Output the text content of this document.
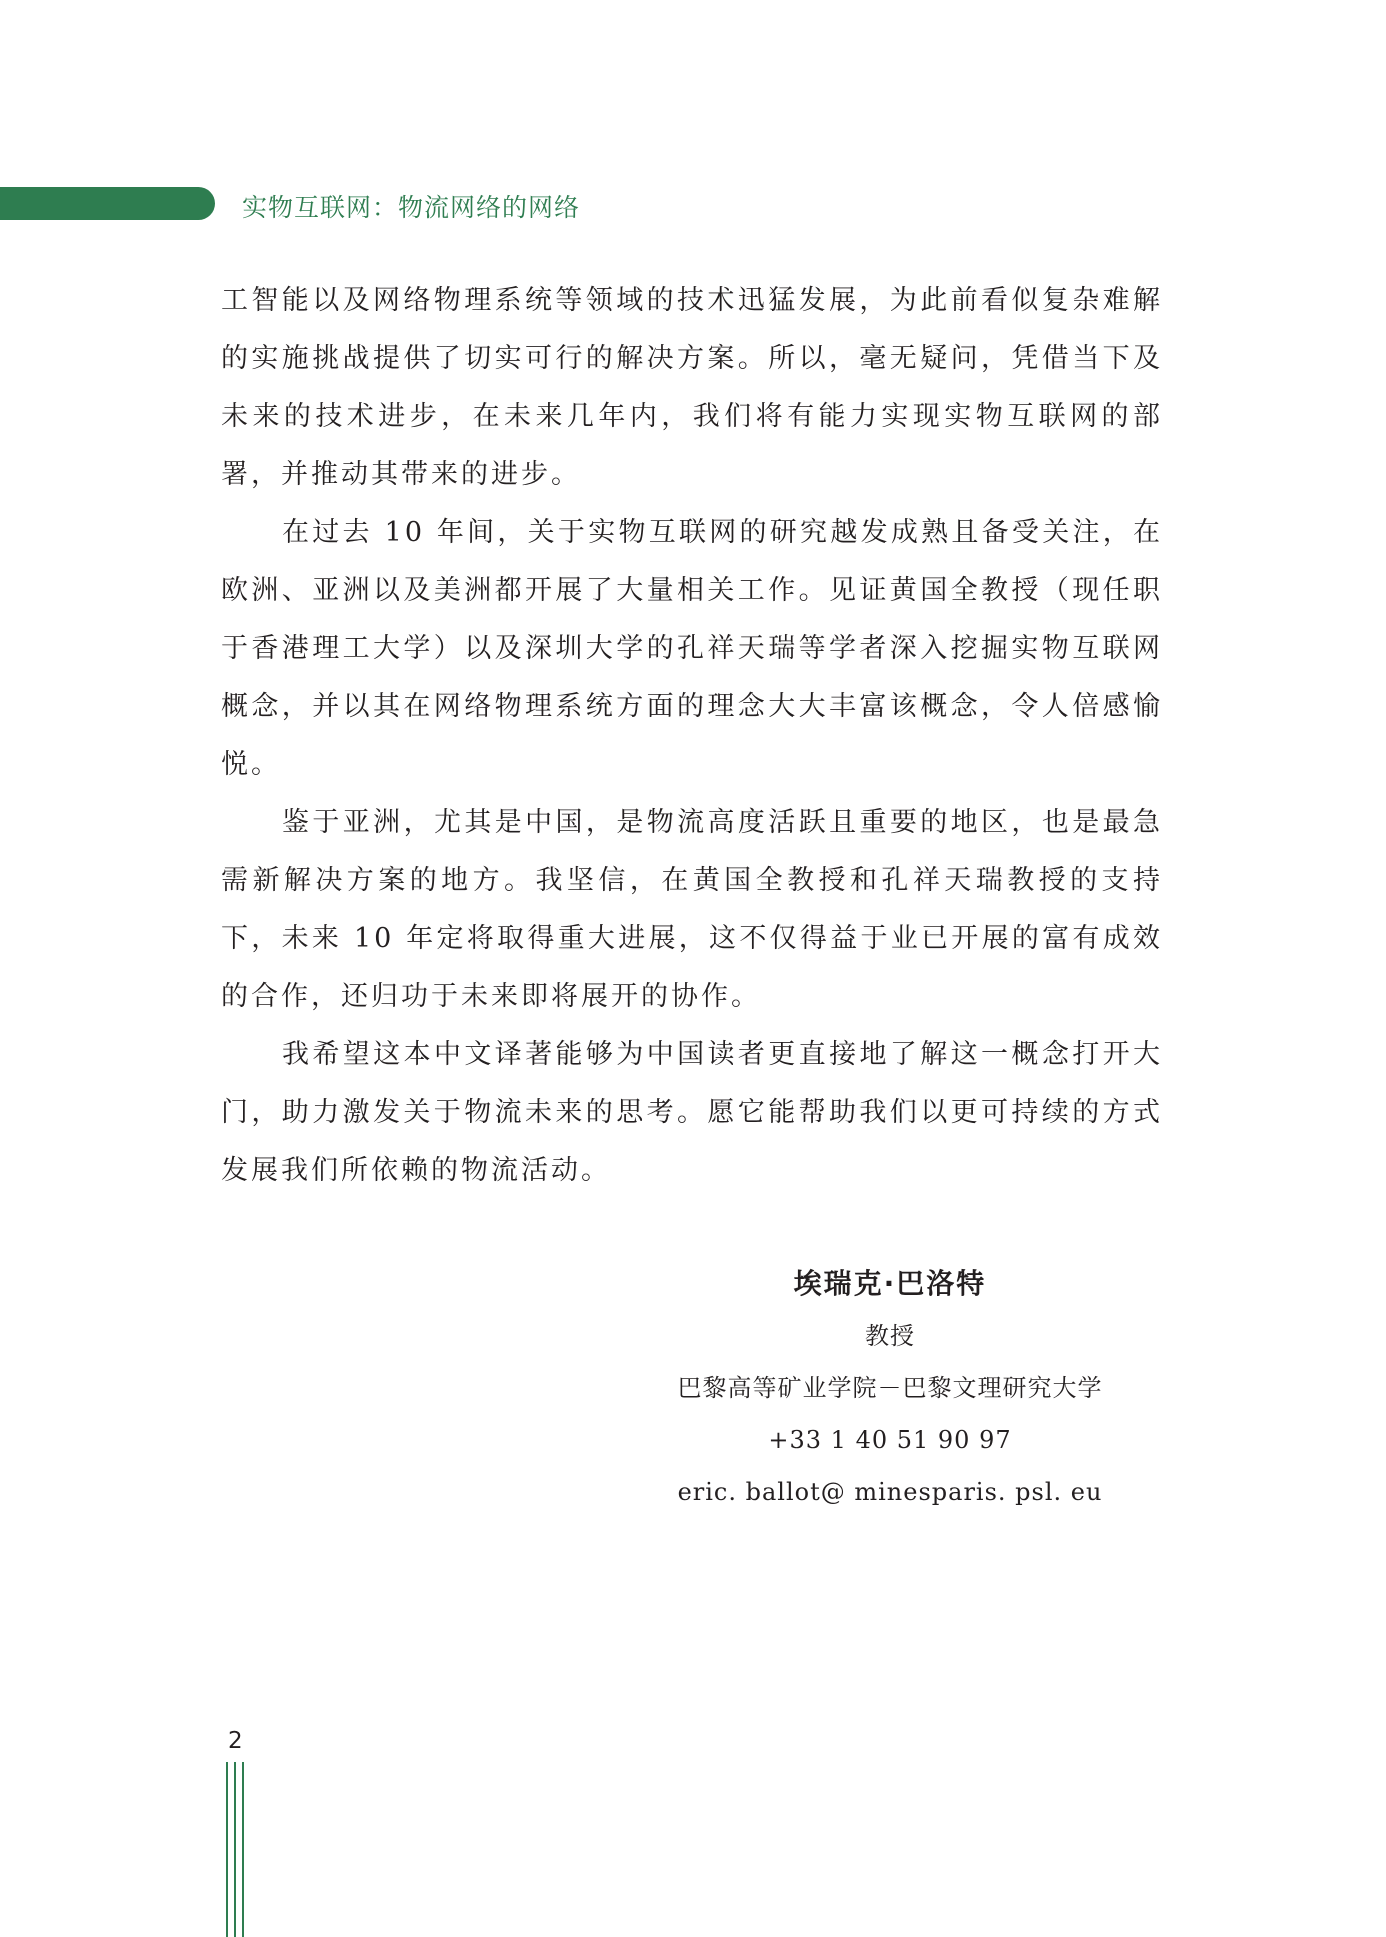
实物互联网：物流网络的网络

工智能以及网络物理系统等领域的技术迅猛发展，为此前看似复杂难解的实施挑战提供了切实可行的解决方案。所以，毫无疑问，凭借当下及未来的技术进步，在未来几年内，我们将有能力实现实物互联网的部署，并推动其带来的进步。

在过去 10 年间，关于实物互联网的研究越发成熟且备受关注，在欧洲、亚洲以及美洲都开展了大量相关工作。见证黄国全教授（现任职于香港理工大学）以及深圳大学的孔祥天瑞等学者深入挖掘实物互联网概念，并以其在网络物理系统方面的理念大大丰富该概念，令人倍感愉悦。

鉴于亚洲，尤其是中国，是物流高度活跃且重要的地区，也是最急需新解决方案的地方。我坚信，在黄国全教授和孔祥天瑞教授的支持下，未来 10 年定将取得重大进展，这不仅得益于业已开展的富有成效的合作，还归功于未来即将展开的协作。

我希望这本中文译著能够为中国读者更直接地了解这一概念打开大门，助力激发关于物流未来的思考。愿它能帮助我们以更可持续的方式发展我们所依赖的物流活动。

埃瑞克·巴洛特
教授
巴黎高等矿业学院－巴黎文理研究大学
+33 1 40 51 90 97
eric. ballot@ minesparis. psl. eu
2
